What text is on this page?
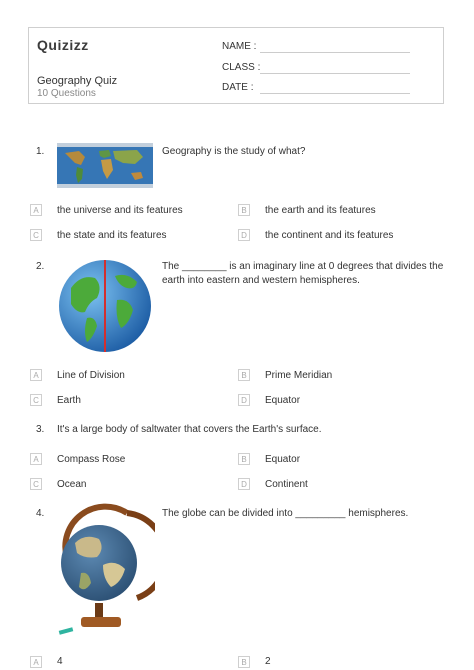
Quizizz
Geography Quiz
10 Questions
NAME :
CLASS :
DATE :
1.	Geography is the study of what?
A	the universe and its features	B	the earth and its features
C	the state and its features	D	the continent and its features
2.	The ________ is an imaginary line at 0 degrees that divides the
earth into eastern and western hemispheres.
A	Line of Division	B	Prime Meridian
C	Earth	D	Equator
3. It's a large body of saltwater that covers the Earth's surface.
A	Compass Rose	B	Equator
C	Ocean	D	Continent
4.	The globe can be divided into _________ hemispheres.
A	4	B	2
